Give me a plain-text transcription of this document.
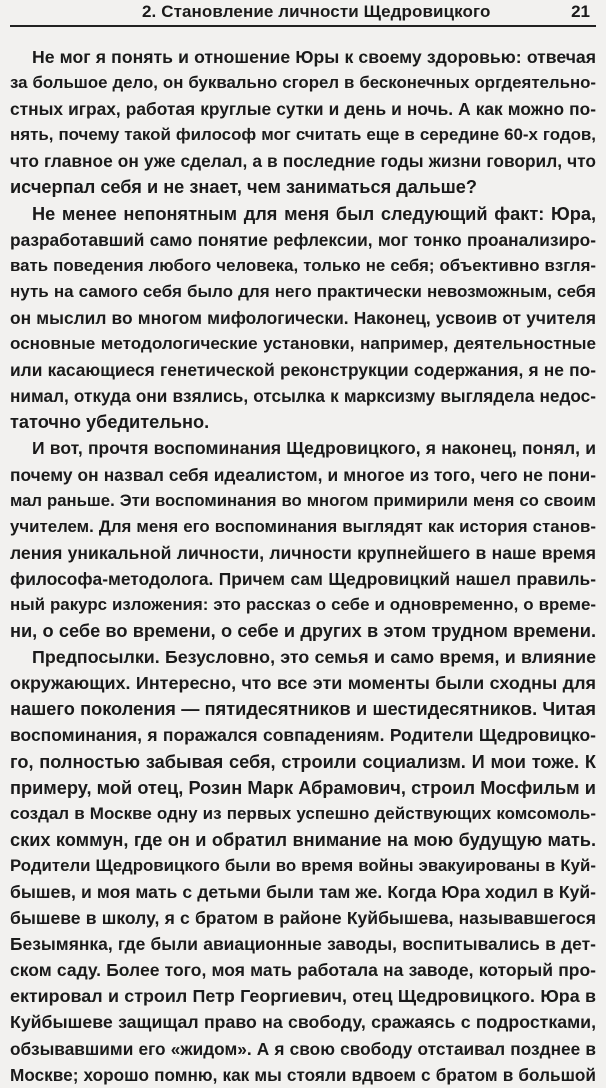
2. Становление личности Щедровицкого	21
Не мог я понять и отношение Юры к своему здоровью: отвечая
за большое дело, он буквально сгорел в бесконечных оргдеятельно-
стных играх, работая круглые сутки и день и ночь. А как можно по-
нять, почему такой философ мог считать еще в середине 60-х годов,
что главное он уже сделал, а в последние годы жизни говорил, что
исчерпал себя и не знает, чем заниматься дальше?
Не менее непонятным для меня был следующий факт: Юра,
разработавший само понятие рефлексии, мог тонко проанализиро-
вать поведения любого человека, только не себя; объективно взгля-
нуть на самого себя было для него практически невозможным, себя
он мыслил во многом мифологически. Наконец, усвоив от учителя
основные методологические установки, например, деятельностные
или касающиеся генетической реконструкции содержания, я не по-
нимал, откуда они взялись, отсылка к марксизму выглядела недос-
таточно убедительно.
И вот, прочтя воспоминания Щедровицкого, я наконец, понял, и
почему он назвал себя идеалистом, и многое из того, чего не пони-
мал раньше. Эти воспоминания во многом примирили меня со своим
учителем. Для меня его воспоминания выглядят как история станов-
ления уникальной личности, личности крупнейшего в наше время
философа-методолога. Причем сам Щедровицкий нашел правиль-
ный ракурс изложения: это рассказ о себе и одновременно, о време-
ни, о себе во времени, о себе и других в этом трудном времени.
Предпосылки. Безусловно, это семья и само время, и влияние
окружающих. Интересно, что все эти моменты были сходны для
нашего поколения — пятидесятников и шестидесятников. Читая
воспоминания, я поражался совпадениям. Родители Щедровицко-
го, полностью забывая себя, строили социализм. И мои тоже. К
примеру, мой отец, Розин Марк Абрамович, строил Мосфильм и
создал в Москве одну из первых успешно действующих комсомоль-
ских коммун, где он и обратил внимание на мою будущую мать.
Родители Щедровицкого были во время войны эвакуированы в Куй-
бышев, и моя мать с детьми были там же. Когда Юра ходил в Куй-
бышеве в школу, я с братом в районе Куйбышева, называвшегося
Безымянка, где были авиационные заводы, воспитывались в дет-
ском саду. Более того, моя мать работала на заводе, который про-
ектировал и строил Петр Георгиевич, отец Щедровицкого. Юра в
Куйбышеве защищал право на свободу, сражаясь с подростками,
обзывавшими его «жидом». А я свою свободу отстаивал позднее в
Москве; хорошо помню, как мы стояли вдвоем с братом в большой
